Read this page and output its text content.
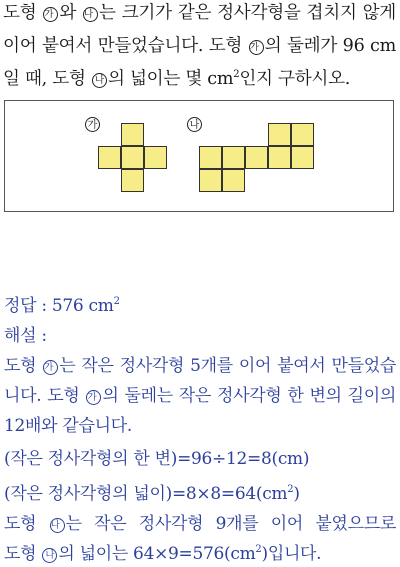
도형 가 와 나 는 크기가 같은 정사각형을 겹치지 않게
이어 붙여서 만들었습니다. 도형 가 의 둘레가 96 cm
일 때, 도형 나 의 넓이는 몇 $cm^2$인지 구하시오.
가	나
정답 : 576 $cm^2$
해설 :
도형 가 는 작은 정사각형 5개를 이어 붙여서 만들었습
니다. 도형 가 의 둘레는 작은 정사각형 한 변의 길이의
12배와 같습니다.
(작은 정사각형의 한 변)=96÷12=8(cm)
(작은 정사각형의 넓이)$=8\times 8=64(cm^2)$
도형 나 는 작은 정사각형 9개를 이어 붙였으므로
도형 나 의 넓이는 $64\times 9=576(cm^2)$입니다.
